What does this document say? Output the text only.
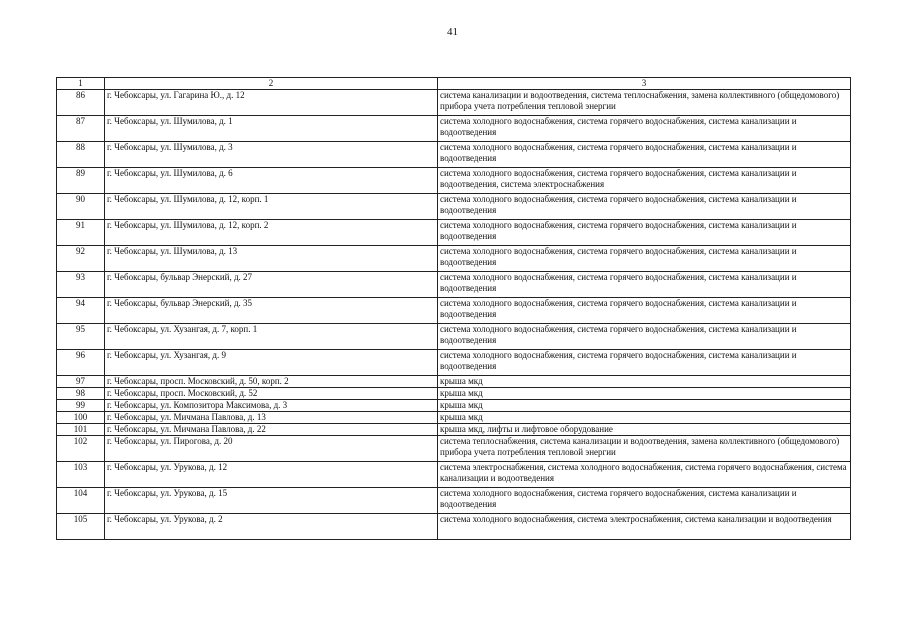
41
1	2	3
86	г. Чебоксары, ул. Гагарина Ю., д. 12	система канализации и водоотведения, система теплоснабжения, замена коллективного (общедомового) прибора учета потребления тепловой энергии
87	г. Чебоксары, ул. Шумилова, д. 1	система холодного водоснабжения, система горячего водоснабжения, система канализации и водоотведения
88	г. Чебоксары, ул. Шумилова, д. 3	система холодного водоснабжения, система горячего водоснабжения, система канализации и водоотведения
89	г. Чебоксары, ул. Шумилова, д. 6	система холодного водоснабжения, система горячего водоснабжения, система канализации и водоотведения, система электроснабжения
90	г. Чебоксары, ул. Шумилова, д. 12, корп. 1	система холодного водоснабжения, система горячего водоснабжения, система канализации и водоотведения
91	г. Чебоксары, ул. Шумилова, д. 12, корп. 2	система холодного водоснабжения, система горячего водоснабжения, система канализации и водоотведения
92	г. Чебоксары, ул. Шумилова, д. 13	система холодного водоснабжения, система горячего водоснабжения, система канализации и водоотведения
93	г. Чебоксары, бульвар Энерский, д. 27	система холодного водоснабжения, система горячего водоснабжения, система канализации и водоотведения
94	г. Чебоксары, бульвар Энерский, д. 35	система холодного водоснабжения, система горячего водоснабжения, система канализации и водоотведения
95	г. Чебоксары, ул. Хузангая, д. 7, корп. 1	система холодного водоснабжения, система горячего водоснабжения, система канализации и водоотведения
96	г. Чебоксары, ул. Хузангая, д. 9	система холодного водоснабжения, система горячего водоснабжения, система канализации и водоотведения
97	г. Чебоксары, просп. Московский, д. 50, корп. 2	крыша мкд
98	г. Чебоксары, просп. Московский, д. 52	крыша мкд
99	г. Чебоксары, ул. Композитора Максимова, д. 3	крыша мкд
100	г. Чебоксары, ул. Мичмана Павлова, д. 13	крыша мкд
101	г. Чебоксары, ул. Мичмана Павлова, д. 22	крыша мкд, лифты и лифтовое оборудование
102	г. Чебоксары, ул. Пирогова, д. 20	система теплоснабжения, система канализации и водоотведения, замена коллективного (общедомового) прибора учета потребления тепловой энергии
103	г. Чебоксары, ул. Урукова, д. 12	система электроснабжения, система холодного водоснабжения, система горячего водоснабжения, система канализации и водоотведения
104	г. Чебоксары, ул. Урукова, д. 15	система холодного водоснабжения, система горячего водоснабжения, система канализации и водоотведения
105	г. Чебоксары, ул. Урукова, д. 2	система холодного водоснабжения, система электроснабжения, система канализации и водоотведения
